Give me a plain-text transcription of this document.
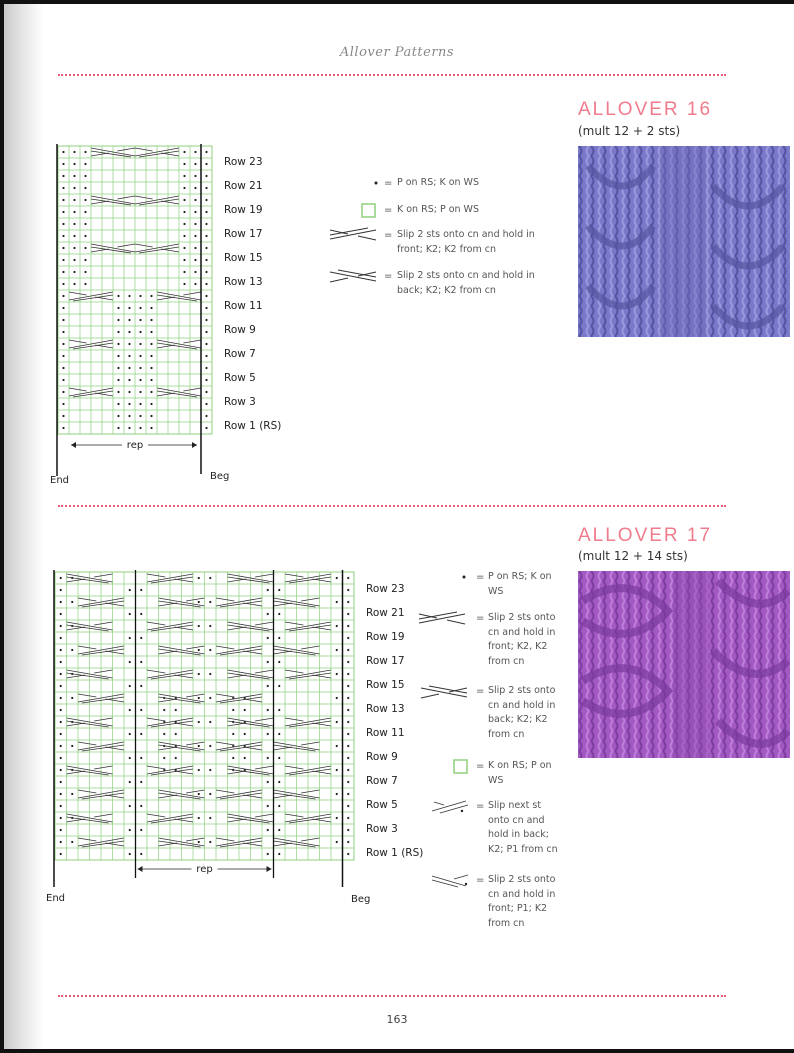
Allover Patterns
ALLOVER 16
(mult 12 + 2 sts)
rep
Row 23
Row 21
Row 19
Row 17
Row 15
Row 13
Row 11
Row 9
Row 7
Row 5
Row 3
Row 1 (RS)
End	Beg
= P on RS; K on WS
= K on RS; P on WS
= Slip 2 sts onto cn and hold in front; K2; K2 from cn
= Slip 2 sts onto cn and hold in back; K2; K2 from cn
ALLOVER 17
(mult 12 + 14 sts)
rep
Row 23
Row 21
Row 19
Row 17
Row 15
Row 13
Row 11
Row 9
Row 7
Row 5
Row 3
Row 1 (RS)
End	Beg
= P on RS; K on WS
= Slip 2 sts onto cn and hold in front; K2, K2 from cn
= Slip 2 sts onto cn and hold in back; K2; K2 from cn
= K on RS; P on WS
= Slip next st onto cn and hold in back; K2; P1 from cn
= Slip 2 sts onto cn and hold in front; P1; K2 from cn
163
